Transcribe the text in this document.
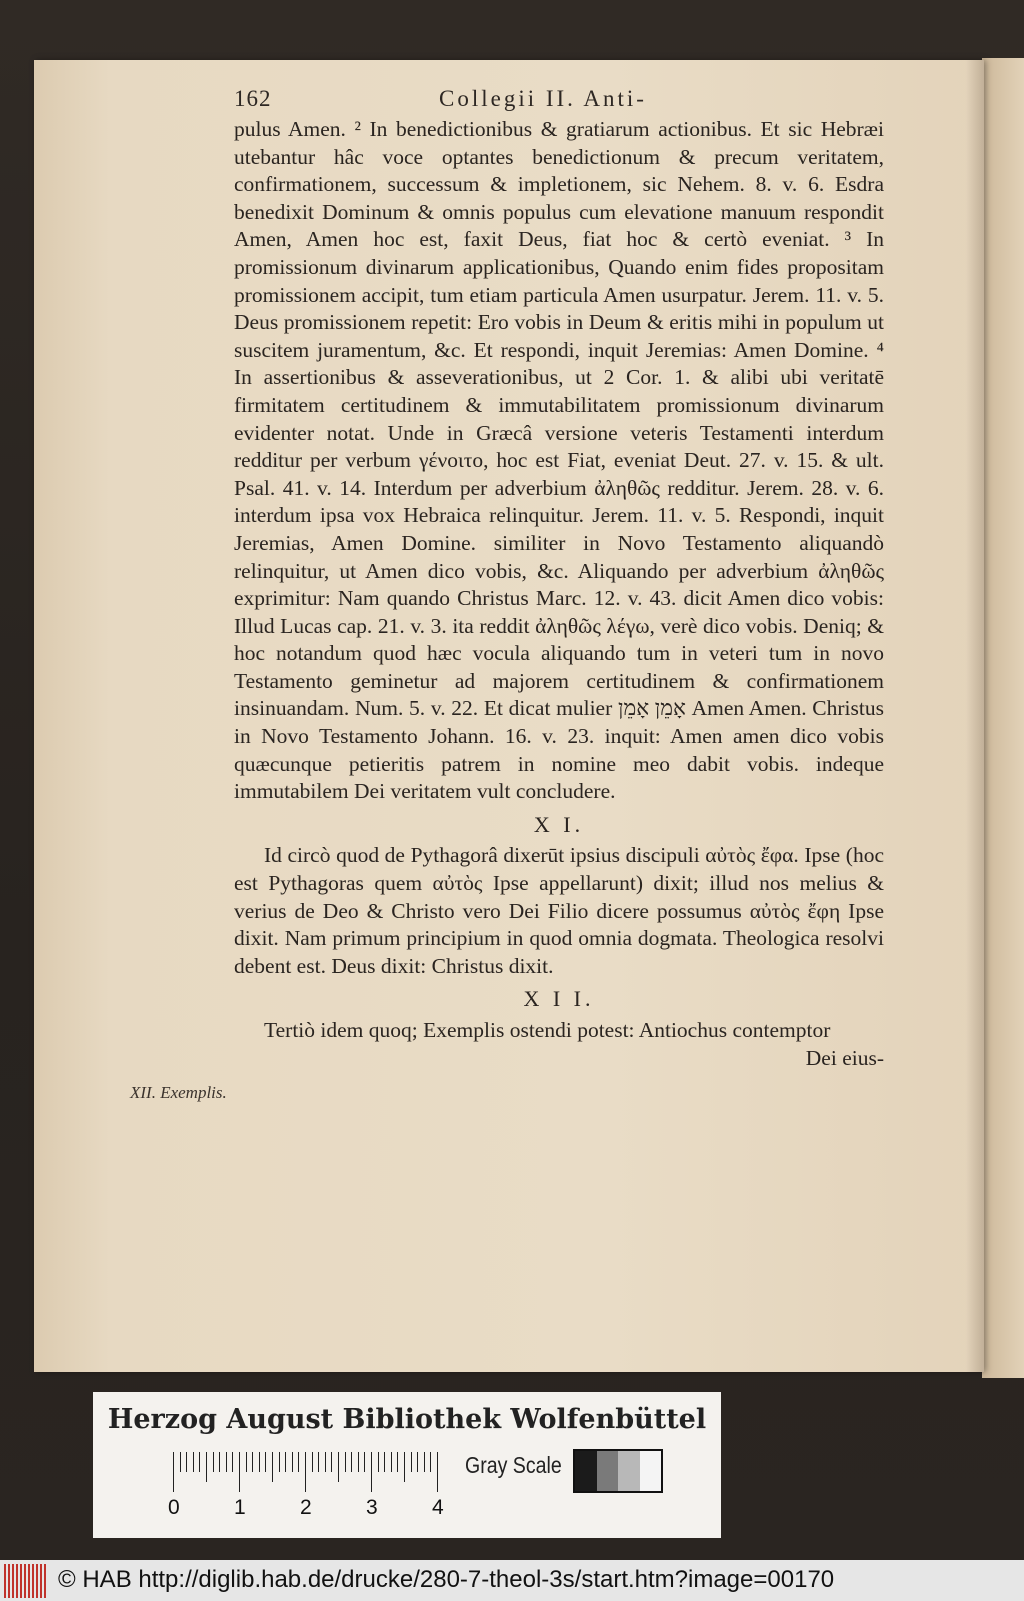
162	Collegii II. Anti-

pulus Amen. ² In benedictionibus & gratiarum actionibus. Et sic Hebræi utebantur hâc voce optantes benedictionum & precum veritatem, confirmationem, successum & impletionem, sic Nehem. 8. v. 6. Esdra benedixit Dominum & omnis populus cum elevatione manuum respondit Amen, Amen hoc est, faxit Deus, fiat hoc & certò eveniat. ³ In promissionum divinarum applicationibus, Quando enim fides propositam promissionem accipit, tum etiam particula Amen usurpatur. Jerem. 11. v. 5. Deus promissionem repetit: Ero vobis in Deum & eritis mihi in populum ut suscitem juramentum, &c. Et respondi, inquit Jeremias: Amen Domine. ⁴ In assertionibus & asseverationibus, ut 2 Cor. 1. & alibi ubi veritatē firmitatem certitudinem & immutabilitatem promissionum divinarum evidenter notat. Unde in Græcâ versione veteris Testamenti interdum redditur per verbum γένοιτο, hoc est Fiat, eveniat Deut. 27. v. 15. & ult. Psal. 41. v. 14. Interdum per adverbium ἀληθῶς redditur. Jerem. 28. v. 6. interdum ipsa vox Hebraica relinquitur. Jerem. 11. v. 5. Respondi, inquit Jeremias, Amen Domine. similiter in Novo Testamento aliquandò relinquitur, ut Amen dico vobis, &c. Aliquando per adverbium ἀληθῶς exprimitur: Nam quando Christus Marc. 12. v. 43. dicit Amen dico vobis: Illud Lucas cap. 21. v. 3. ita reddit ἀληθῶς λέγω, verè dico vobis. Deniq; & hoc notandum quod hæc vocula aliquando tum in veteri tum in novo Testamento geminetur ad majorem certitudinem & confirmationem insinuandam. Num. 5. v. 22. Et dicat mulier אָמֵן אָמֵן Amen Amen. Christus in Novo Testamento Johann. 16. v. 23. inquit: Amen amen dico vobis quæcunque petieritis patrem in nomine meo dabit vobis. indeque immutabilem Dei veritatem vult concludere.

X I.

Id circò quod de Pythagorâ dixerūt ipsius discipuli αὐτὸς ἔφα. Ipse (hoc est Pythagoras quem αὐτὸς Ipse appellarunt) dixit; illud nos melius & verius de Deo & Christo vero Dei Filio dicere possumus αὐτὸς ἔφη Ipse dixit. Nam primum principium in quod omnia dogmata. Theologica resolvi debent est. Deus dixit: Christus dixit.

X I I.

Tertiò idem quoq; Exemplis ostendi potest: Antiochus contemptor

Dei eius-

XII. Exemplis.
Herzog August Bibliothek Wolfenbüttel
0	1	2	3	4
Gray Scale
© HAB http://diglib.hab.de/drucke/280-7-theol-3s/start.htm?image=00170
